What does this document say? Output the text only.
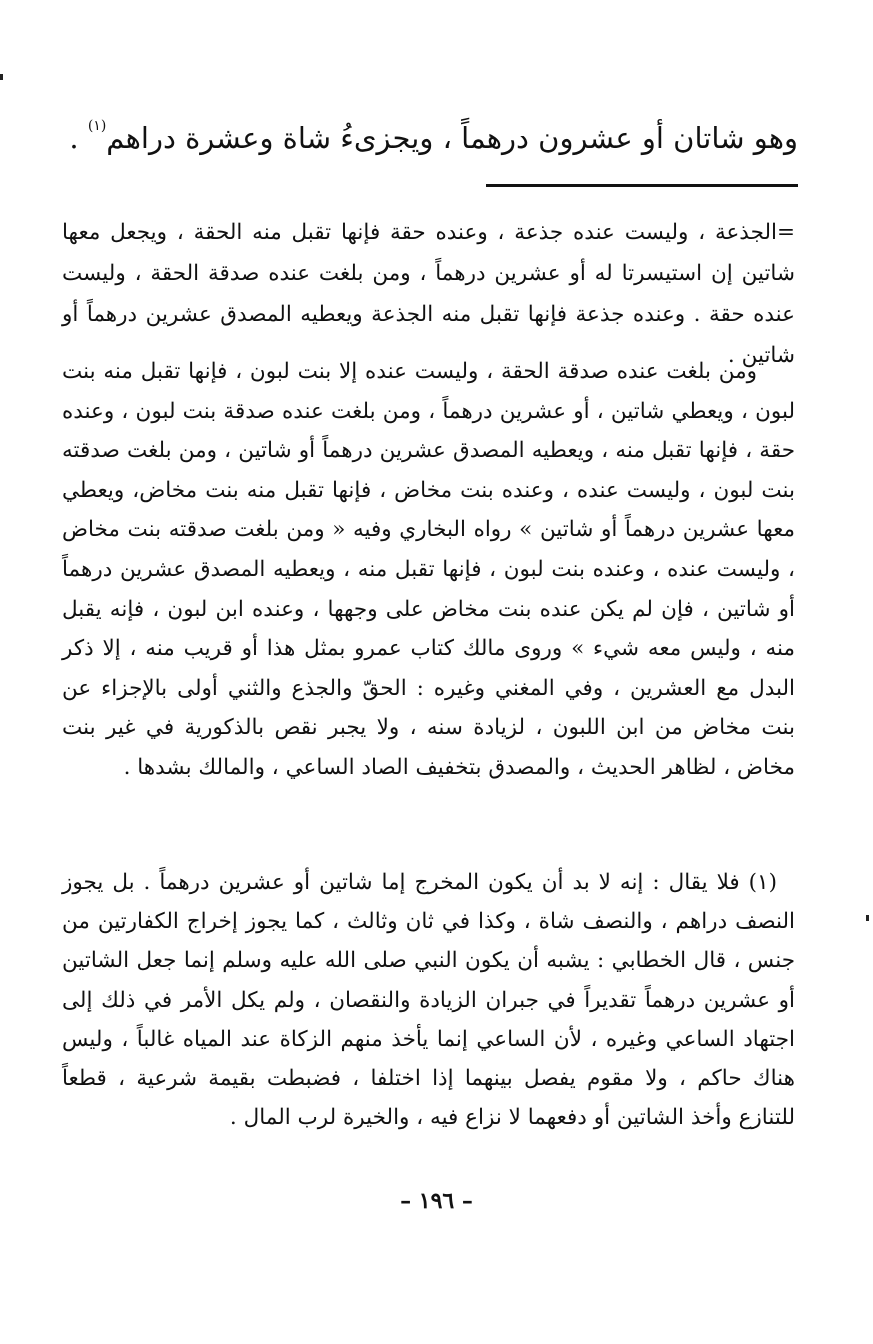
وهو شاتان أو عشرون درهماً ، ويجزىءُ شاة وعشرة دراهم$^{(١)}$ .

=الجذعة ، وليست عنده جذعة ، وعنده حقة فإنها تقبل منه الحقة ، ويجعل معها شاتين إن استيسرتا له أو عشرين درهماً ، ومن بلغت عنده صدقة الحقة ، وليست عنده حقة . وعنده جذعة فإنها تقبل منه الجذعة ويعطيه المصدق عشرين درهماً أو شاتين .

ومن بلغت عنده صدقة الحقة ، وليست عنده إلا بنت لبون ، فإنها تقبل منه بنت لبون ، ويعطي شاتين ، أو عشرين درهماً ، ومن بلغت عنده صدقة بنت لبون ، وعنده حقة ، فإنها تقبل منه ، ويعطيه المصدق عشرين درهماً أو شاتين ، ومن بلغت صدقته بنت لبون ، وليست عنده ، وعنده بنت مخاض ، فإنها تقبل منه بنت مخاض، ويعطي معها عشرين درهماً أو شاتين » رواه البخاري وفيه « ومن بلغت صدقته بنت مخاض ، وليست عنده ، وعنده بنت لبون ، فإنها تقبل منه ، ويعطيه المصدق عشرين درهماً أو شاتين ، فإن لم يكن عنده بنت مخاض على وجهها ، وعنده ابن لبون ، فإنه يقبل منه ، وليس معه شيء » وروى مالك كتاب عمرو بمثل هذا أو قريب منه ، إلا ذكر البدل مع العشرين ، وفي المغني وغيره : الحقّ والجذع والثني أولى بالإجزاء عن بنت مخاض من ابن اللبون ، لزيادة سنه ، ولا يجبر نقص بالذكورية في غير بنت مخاض ، لظاهر الحديث ، والمصدق بتخفيف الصاد الساعي ، والمالك بشدها .

(١) فلا يقال : إنه لا بد أن يكون المخرج إما شاتين أو عشرين درهماً . بل يجوز النصف دراهم ، والنصف شاة ، وكذا في ثان وثالث ، كما يجوز إخراج الكفارتين من جنس ، قال الخطابي : يشبه أن يكون النبي صلى الله عليه وسلم إنما جعل الشاتين أو عشرين درهماً تقديراً في جبران الزيادة والنقصان ، ولم يكل الأمر في ذلك إلى اجتهاد الساعي وغيره ، لأن الساعي إنما يأخذ منهم الزكاة عند المياه غالباً ، وليس هناك حاكم ، ولا مقوم يفصل بينهما إذا اختلفا ، فضبطت بقيمة شرعية ، قطعاً للتنازع وأخذ الشاتين أو دفعهما لا نزاع فيه ، والخيرة لرب المال .

– ١٩٦ –
